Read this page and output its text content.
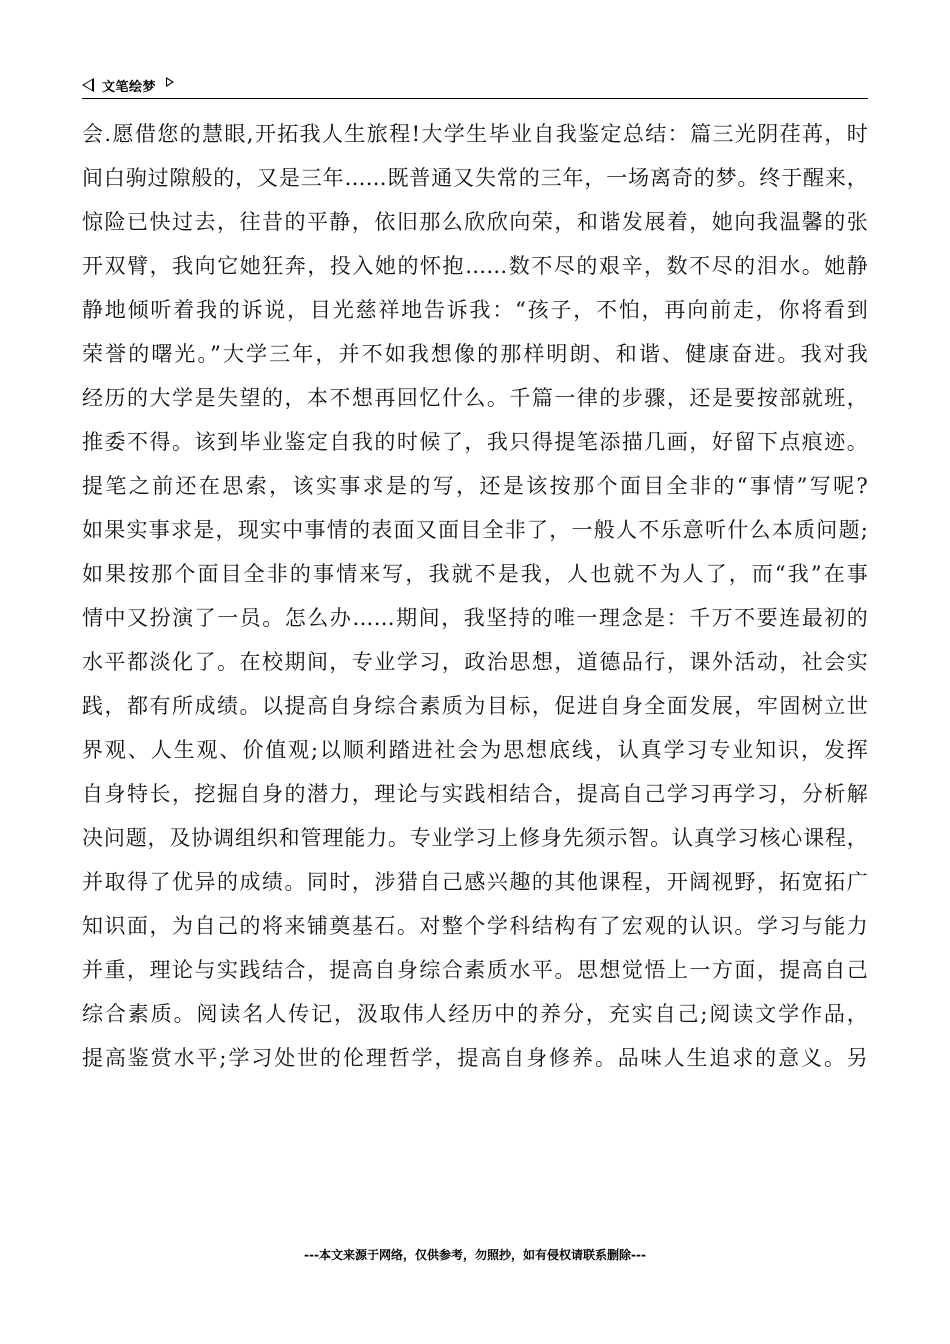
文笔绘梦
会.愿借您的慧眼,开拓我人生旅程!大学生毕业自我鉴定总结：篇三光阴荏苒，时
间白驹过隙般的，又是三年……既普通又失常的三年，一场离奇的梦。终于醒来，
惊险已快过去，往昔的平静，依旧那么欣欣向荣，和谐发展着，她向我温馨的张
开双臂，我向它她狂奔，投入她的怀抱……数不尽的艰辛，数不尽的泪水。她静
静地倾听着我的诉说，目光慈祥地告诉我：“孩子，不怕，再向前走，你将看到
荣誉的曙光。”大学三年，并不如我想像的那样明朗、和谐、健康奋进。我对我
经历的大学是失望的，本不想再回忆什么。千篇一律的步骤，还是要按部就班，
推委不得。该到毕业鉴定自我的时候了，我只得提笔添描几画，好留下点痕迹。
提笔之前还在思索，该实事求是的写，还是该按那个面目全非的“事情”写呢?
如果实事求是，现实中事情的表面又面目全非了，一般人不乐意听什么本质问题;
如果按那个面目全非的事情来写，我就不是我，人也就不为人了，而“我”在事
情中又扮演了一员。怎么办……期间，我坚持的唯一理念是：千万不要连最初的
水平都淡化了。在校期间，专业学习，政治思想，道德品行，课外活动，社会实
践，都有所成绩。以提高自身综合素质为目标，促进自身全面发展，牢固树立世
界观、人生观、价值观;以顺利踏进社会为思想底线，认真学习专业知识，发挥
自身特长，挖掘自身的潜力，理论与实践相结合，提高自己学习再学习，分析解
决问题，及协调组织和管理能力。专业学习上修身先须示智。认真学习核心课程，
并取得了优异的成绩。同时，涉猎自己感兴趣的其他课程，开阔视野，拓宽拓广
知识面，为自己的将来铺奠基石。对整个学科结构有了宏观的认识。学习与能力
并重，理论与实践结合，提高自身综合素质水平。思想觉悟上一方面，提高自己
综合素质。阅读名人传记，汲取伟人经历中的养分，充实自己;阅读文学作品，
提高鉴赏水平;学习处世的伦理哲学，提高自身修养。品味人生追求的意义。另
---本文来源于网络，仅供参考，勿照抄，如有侵权请联系删除---
